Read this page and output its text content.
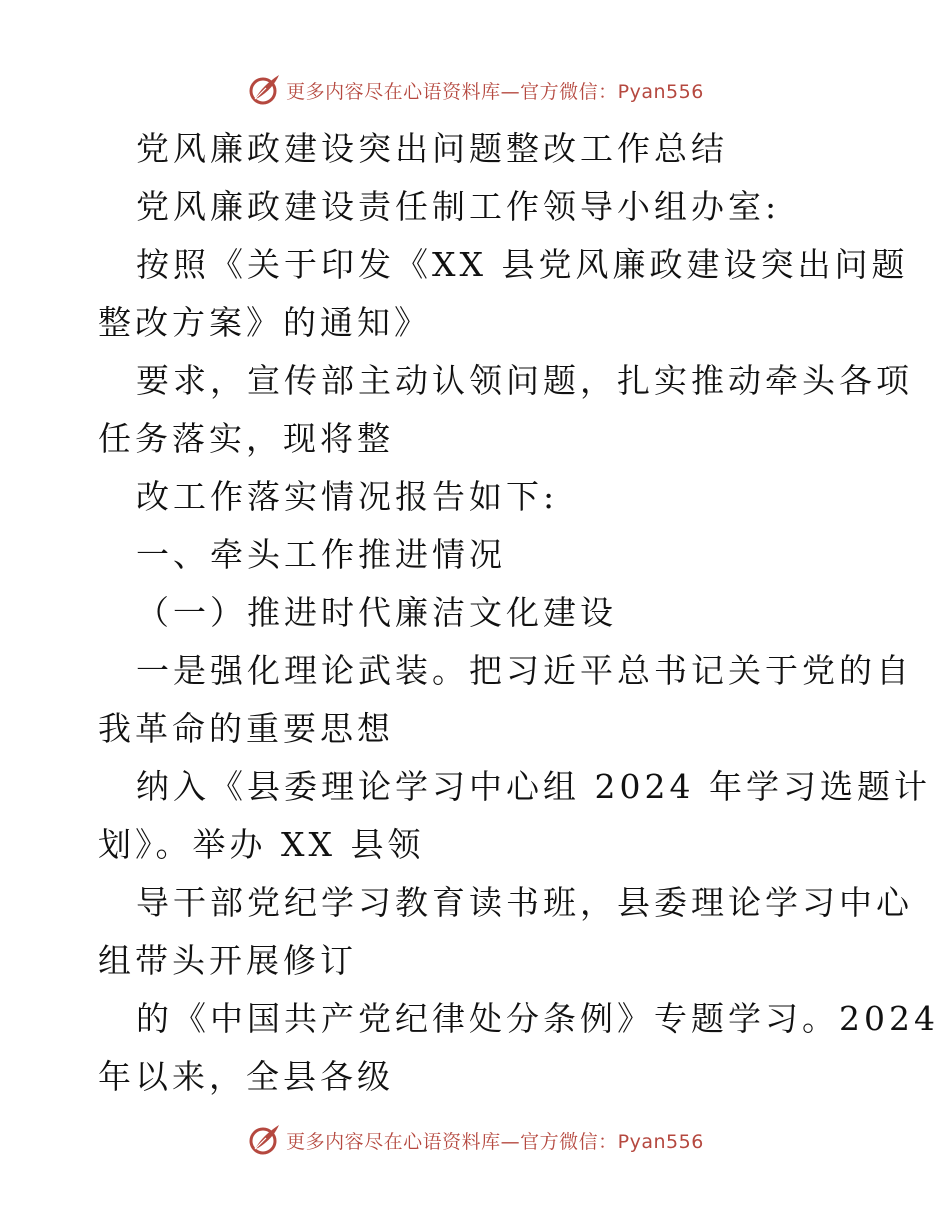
更多内容尽在心语资料库—官方微信：Pyan556
党风廉政建设突出问题整改工作总结
党风廉政建设责任制工作领导小组办室:
按照《关于印发《XX 县党风廉政建设突出问题
整改方案》的通知》
要求，宣传部主动认领问题，扎实推动牵头各项
任务落实，现将整
改工作落实情况报告如下:
一、牵头工作推进情况
（一）推进时代廉洁文化建设
一是强化理论武装。把习近平总书记关于党的自
我革命的重要思想
纳入《县委理论学习中心组 2024 年学习选题计
划》。举办 XX 县领
导干部党纪学习教育读书班，县委理论学习中心
组带头开展修订
的《中国共产党纪律处分条例》专题学习。2024
年以来，全县各级
更多内容尽在心语资料库—官方微信：Pyan556
